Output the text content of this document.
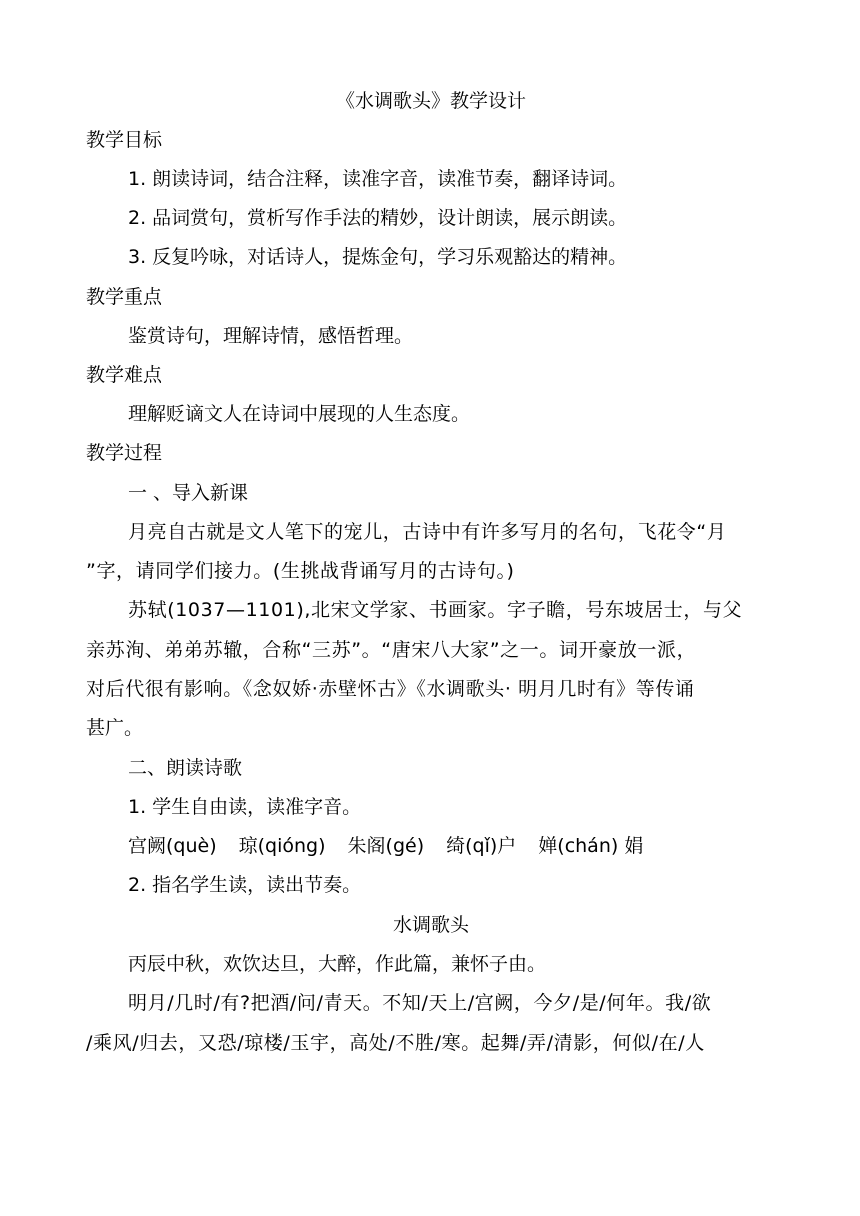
《水调歌头》教学设计
教学目标
1. 朗读诗词，结合注释，读准字音，读准节奏，翻译诗词。
2. 品词赏句，赏析写作手法的精妙，设计朗读，展示朗读。
3. 反复吟咏，对话诗人，提炼金句，学习乐观豁达的精神。
教学重点
鉴赏诗句，理解诗情，感悟哲理。
教学难点
理解贬谪文人在诗词中展现的人生态度。
教学过程
一 、导入新课
月亮自古就是文人笔下的宠儿，古诗中有许多写月的名句，飞花令“月
”字，请同学们接力。(生挑战背诵写月的古诗句。)
苏轼(1037—1101),北宋文学家、书画家。字子瞻，号东坡居士，与父
亲苏洵、弟弟苏辙，合称“三苏”。“唐宋八大家”之一。词开豪放一派，
对后代很有影响。《念奴娇·赤壁怀古》《水调歌头· 明月几时有》等传诵
甚广。
二、朗读诗歌
1. 学生自由读，读准字音。
宫阙(què) 琼(qióng) 朱阁(gé) 绮(qǐ)户 婵(chán) 娟
2. 指名学生读，读出节奏。
水调歌头
丙辰中秋，欢饮达旦，大醉，作此篇，兼怀子由。
明月/几时/有?把酒/问/青天。不知/天上/宫阙，今夕/是/何年。我/欲
/乘风/归去，又恐/琼楼/玉宇，高处/不胜/寒。起舞/弄/清影，何似/在/人
